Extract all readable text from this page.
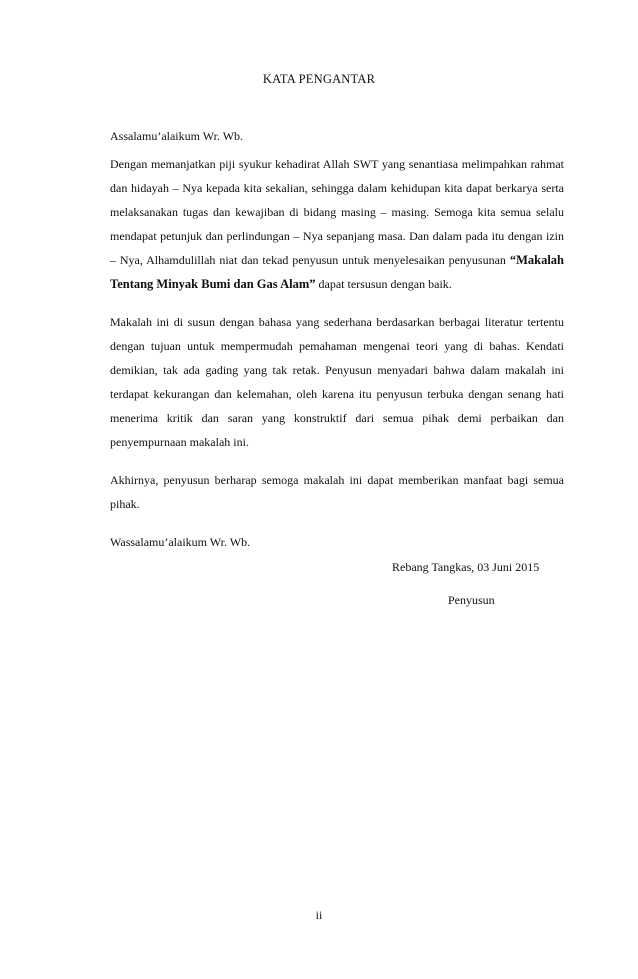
KATA PENGANTAR

Assalamu’alaikum Wr. Wb.

Dengan memanjatkan piji syukur kehadirat Allah SWT yang senantiasa melimpahkan rahmat dan hidayah – Nya kepada kita sekalian, sehingga dalam kehidupan kita dapat berkarya serta melaksanakan tugas dan kewajiban di bidang masing – masing. Semoga kita semua selalu mendapat petunjuk dan perlindungan – Nya sepanjang masa. Dan dalam pada itu dengan izin – Nya, Alhamdulillah niat dan tekad penyusun untuk menyelesaikan penyusunan “Makalah Tentang Minyak Bumi dan Gas Alam” dapat tersusun dengan baik.

Makalah ini di susun dengan bahasa yang sederhana berdasarkan berbagai literatur tertentu dengan tujuan untuk mempermudah pemahaman mengenai teori yang di bahas. Kendati demikian, tak ada gading yang tak retak. Penyusun menyadari bahwa dalam makalah ini terdapat kekurangan dan kelemahan, oleh karena itu penyusun terbuka dengan senang hati menerima kritik dan saran yang konstruktif dari semua pihak demi perbaikan dan penyempurnaan makalah ini.

Akhirnya, penyusun berharap semoga makalah ini dapat memberikan manfaat bagi semua pihak.

Wassalamu’alaikum Wr. Wb.

Rebang Tangkas, 03 Juni 2015
Penyusun
ii
